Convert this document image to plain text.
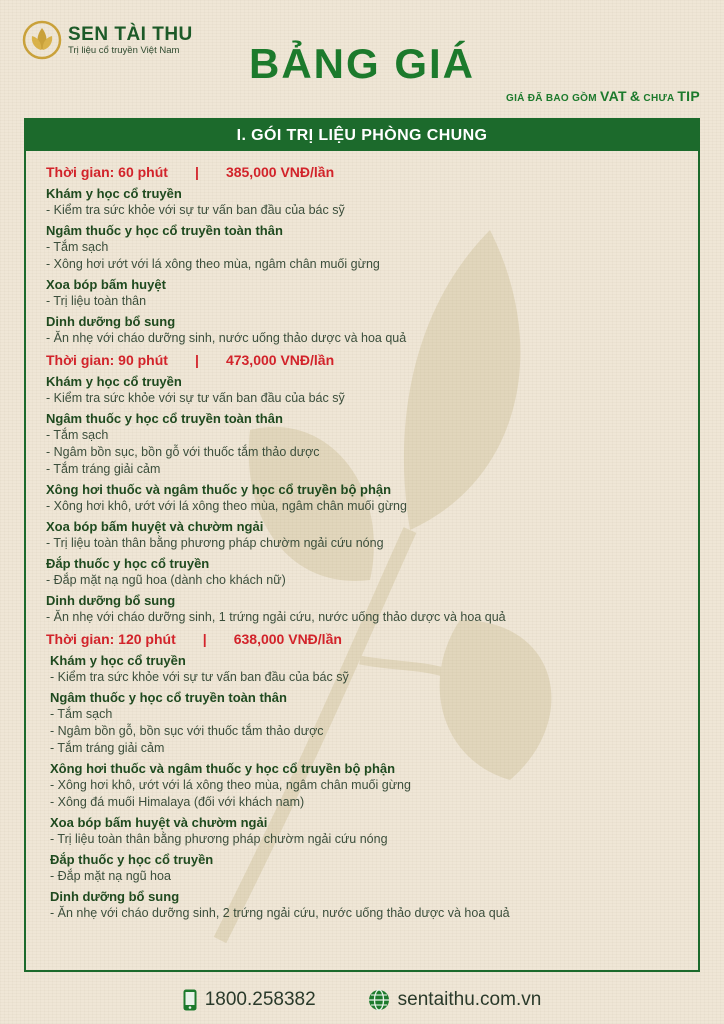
SEN TÀI THU
Trị liệu cổ truyền Việt Nam	BẢNG GIÁ
GIÁ ĐÃ BAO GỒM VAT & CHƯA TIP
I. GÓI TRỊ LIỆU PHÒNG CHUNG
Thời gian: 60 phút | 385,000 VNĐ/lần
Khám y học cổ truyền
- Kiểm tra sức khỏe với sự tư vấn ban đầu của bác sỹ
Ngâm thuốc y học cổ truyền toàn thân
- Tắm sạch
- Xông hơi ướt với lá xông theo mùa, ngâm chân muối gừng
Xoa bóp bấm huyệt
- Trị liệu toàn thân
Dinh dưỡng bổ sung
- Ăn nhẹ với cháo dưỡng sinh, nước uống thảo dược và hoa quả
Thời gian: 90 phút | 473,000 VNĐ/lần
Khám y học cổ truyền
- Kiểm tra sức khỏe với sự tư vấn ban đầu của bác sỹ
Ngâm thuốc y học cổ truyền toàn thân
- Tắm sạch
- Ngâm bồn sục, bồn gỗ với thuốc tắm thảo dược
- Tắm tráng giải cảm
Xông hơi thuốc và ngâm thuốc y học cổ truyền bộ phận
- Xông hơi khô, ướt với lá xông theo mùa, ngâm chân muối gừng
Xoa bóp bấm huyệt và chườm ngải
- Trị liệu toàn thân bằng phương pháp chườm ngải cứu nóng
Đắp thuốc y học cổ truyền
- Đắp mặt nạ ngũ hoa (dành cho khách nữ)
Dinh dưỡng bổ sung
- Ăn nhẹ với cháo dưỡng sinh, 1 trứng ngải cứu, nước uống thảo dược và hoa quả
Thời gian: 120 phút | 638,000 VNĐ/lần
Khám y học cổ truyền
- Kiểm tra sức khỏe với sự tư vấn ban đầu của bác sỹ
Ngâm thuốc y học cổ truyền toàn thân
- Tắm sạch
- Ngâm bồn gỗ, bồn sục với thuốc tắm thảo dược
- Tắm tráng giải cảm
Xông hơi thuốc và ngâm thuốc y học cổ truyền bộ phận
- Xông hơi khô, ướt với lá xông theo mùa, ngâm chân muối gừng
- Xông đá muối Himalaya (đối với khách nam)
Xoa bóp bấm huyệt và chườm ngải
- Trị liệu toàn thân bằng phương pháp chườm ngải cứu nóng
Đắp thuốc y học cổ truyền
- Đắp mặt nạ ngũ hoa
Dinh dưỡng bổ sung
- Ăn nhẹ với cháo dưỡng sinh, 2 trứng ngải cứu, nước uống thảo dược và hoa quả
1800.258382	sentaithu.com.vn
